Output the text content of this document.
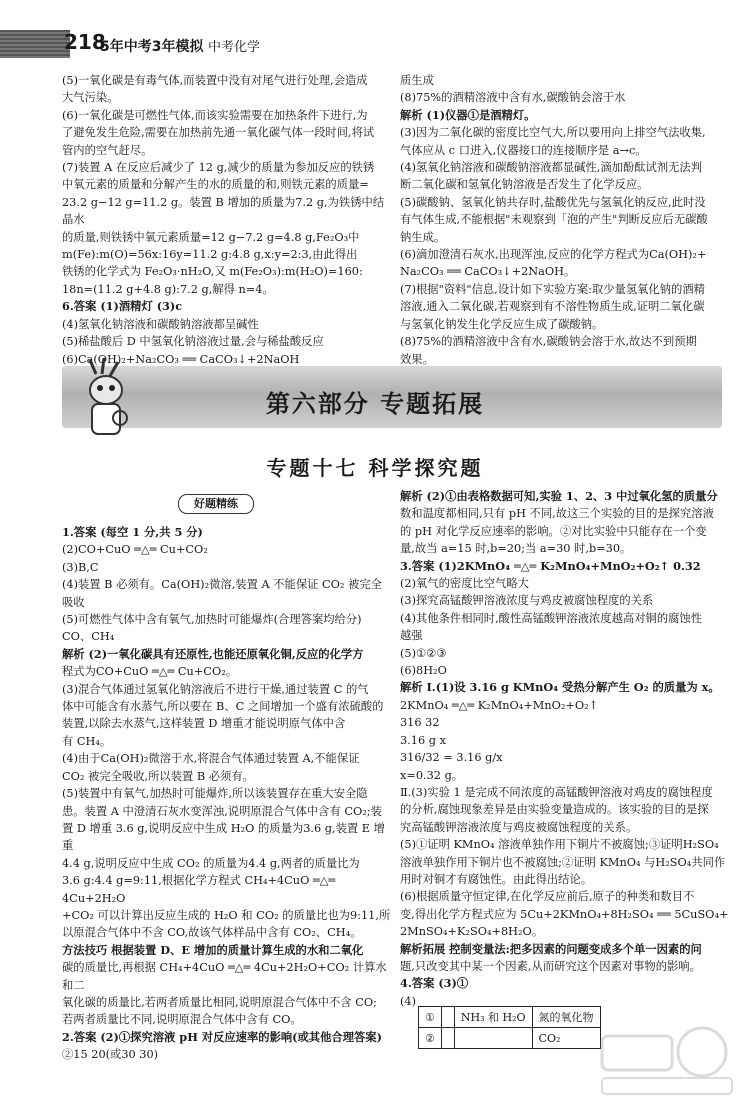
218
5年中考3年模拟 中考化学

(5)一氧化碳是有毒气体,而装置中没有对尾气进行处理,会造成

大气污染。

(6)一氧化碳是可燃性气体,而该实验需要在加热条件下进行,为

了避免发生危险,需要在加热前先通一氧化碳气体一段时间,将试

管内的空气赶尽。

(7)装置 A 在反应后减少了 12 g,减少的质量为参加反应的铁锈

中氧元素的质量和分解产生的水的质量的和,则铁元素的质量=

23.2 g−12 g=11.2 g。装置 B 增加的质量为7.2 g,为铁锈中结晶水

的质量,则铁锈中氧元素质量=12 g−7.2 g=4.8 g,Fe₂O₃中

m(Fe):m(O)=56x:16y=11.2 g:4.8 g,x:y=2:3,由此得出

铁锈的化学式为 Fe₂O₃·nH₂O,又 m(Fe₂O₃):m(H₂O)=160:

18n=(11.2 g+4.8 g):7.2 g,解得 n=4。

6.答案 (1)酒精灯 (3)c

(4)氢氧化钠溶液和碳酸钠溶液都呈碱性

(5)稀盐酸后 D 中氢氧化钠溶液过量,会与稀盐酸反应

(6)Ca(OH)₂+Na₂CO₃ ══ CaCO₃↓+2NaOH

质生成

(8)75%的酒精溶液中含有水,碳酸钠会溶于水

解析 (1)仪器①是酒精灯。

(3)因为二氧化碳的密度比空气大,所以要用向上排空气法收集,

气体应从 c 口进入,仪器接口的连接顺序是 a→c。

(4)氢氧化钠溶液和碳酸钠溶液都显碱性,滴加酚酞试剂无法判

断二氧化碳和氢氧化钠溶液是否发生了化学反应。

(5)碳酸钠、氢氧化钠共存时,盐酸优先与氢氧化钠反应,此时没

有气体生成,不能根据"未观察到「泡的产生"判断反应后无碳酸

钠生成。

(6)滴加澄清石灰水,出现浑浊,反应的化学方程式为Ca(OH)₂+

Na₂CO₃ ══ CaCO₃↓+2NaOH。

(7)根据"资料"信息,设计如下实验方案:取少量氢氧化钠的酒精

溶液,通入二氧化碳,若观察到有不溶性物质生成,证明二氧化碳

与氢氧化钠发生化学反应生成了碳酸钠。

(8)75%的酒精溶液中含有水,碳酸钠会溶于水,故达不到预期

效果。

第六部分 专题拓展
专题十七 科学探究题
好题精练

1.答案 (每空 1 分,共 5 分)

(2)CO+CuO ═△═ Cu+CO₂

(3)B,C

(4)装置 B 必须有。Ca(OH)₂微溶,装置 A 不能保证 CO₂ 被完全

吸收

(5)可燃性气体中含有氧气,加热时可能爆炸(合理答案均给分)

CO、CH₄

解析 (2)一氧化碳具有还原性,也能还原氧化铜,反应的化学方

程式为CO+CuO ═△═ Cu+CO₂。

(3)混合气体通过氢氧化钠溶液后不进行干燥,通过装置 C 的气

体中可能含有水蒸气,所以要在 B、C 之间增加一个盛有浓硫酸的

装置,以除去水蒸气,这样装置 D 增重才能说明原气体中含

有 CH₄。

(4)由于Ca(OH)₂微溶于水,将混合气体通过装置 A,不能保证

CO₂ 被完全吸收,所以装置 B 必须有。

(5)装置中有氧气,加热时可能爆炸,所以该装置存在重大安全隐

患。装置 A 中澄清石灰水变浑浊,说明原混合气体中含有 CO₂;装

置 D 增重 3.6 g,说明反应中生成 H₂O 的质量为3.6 g,装置 E 增重

4.4 g,说明反应中生成 CO₂ 的质量为4.4 g,两者的质量比为

3.6 g:4.4 g=9:11,根据化学方程式 CH₄+4CuO ═△═ 4Cu+2H₂O

+CO₂ 可以计算出反应生成的 H₂O 和 CO₂ 的质量比也为9:11,所

以原混合气体中不含 CO,故该气体样品中含有 CO₂、CH₄。

方法技巧 根据装置 D、E 增加的质量计算生成的水和二氧化

碳的质量比,再根据 CH₄+4CuO ═△═ 4Cu+2H₂O+CO₂ 计算水和二

氧化碳的质量比,若两者质量比相同,说明原混合气体中不含 CO;

若两者质量比不同,说明原混合气体中含有 CO。

2.答案 (2)①探究溶液 pH 对反应速率的影响(或其他合理答案)

②15 20(或30 30)

解析 (2)①由表格数据可知,实验 1、2、3 中过氧化氢的质量分

数和温度都相同,只有 pH 不同,故这三个实验的目的是探究溶液

的 pH 对化学反应速率的影响。②对比实验中只能存在一个变

量,故当 a=15 时,b=20;当 a=30 时,b=30。

3.答案 (1)2KMnO₄ ═△═ K₂MnO₄+MnO₂+O₂↑ 0.32

(2)氧气的密度比空气略大

(3)探究高锰酸钾溶液浓度与鸡皮被腐蚀程度的关系

(4)其他条件相同时,酸性高锰酸钾溶液浓度越高对铜的腐蚀性

越强

(5)①②③

(6)8H₂O

解析 Ⅰ.(1)设 3.16 g KMnO₄ 受热分解产生 O₂ 的质量为 x。

2KMnO₄ ═△═ K₂MnO₄+MnO₂+O₂↑

316 32

3.16 g x

316/32 = 3.16 g/x

x=0.32 g。

Ⅱ.(3)实验 1 是完成不同浓度的高锰酸钾溶液对鸡皮的腐蚀程度

的分析,腐蚀现象差异是由实验变量造成的。该实验的目的是探

究高锰酸钾溶液浓度与鸡皮被腐蚀程度的关系。

(5)①证明 KMnO₄ 溶液单独作用下铜片不被腐蚀;③证明H₂SO₄

溶液单独作用下铜片也不被腐蚀;②证明 KMnO₄ 与H₂SO₄共同作

用时对铜才有腐蚀性。由此得出结论。

(6)根据质量守恒定律,在化学反应前后,原子的种类和数目不

变,得出化学方程式应为 5Cu+2KMnO₄+8H₂SO₄ ══ 5CuSO₄+

2MnSO₄+K₂SO₄+8H₂O。

解析拓展 控制变量法:把多因素的问题变成多个单一因素的问

题,只改变其中某一个因素,从而研究这个因素对事物的影响。

4.答案 (3)①

(4)

①		NH₃ 和 H₂O	氮的氧化物
②			CO₂
